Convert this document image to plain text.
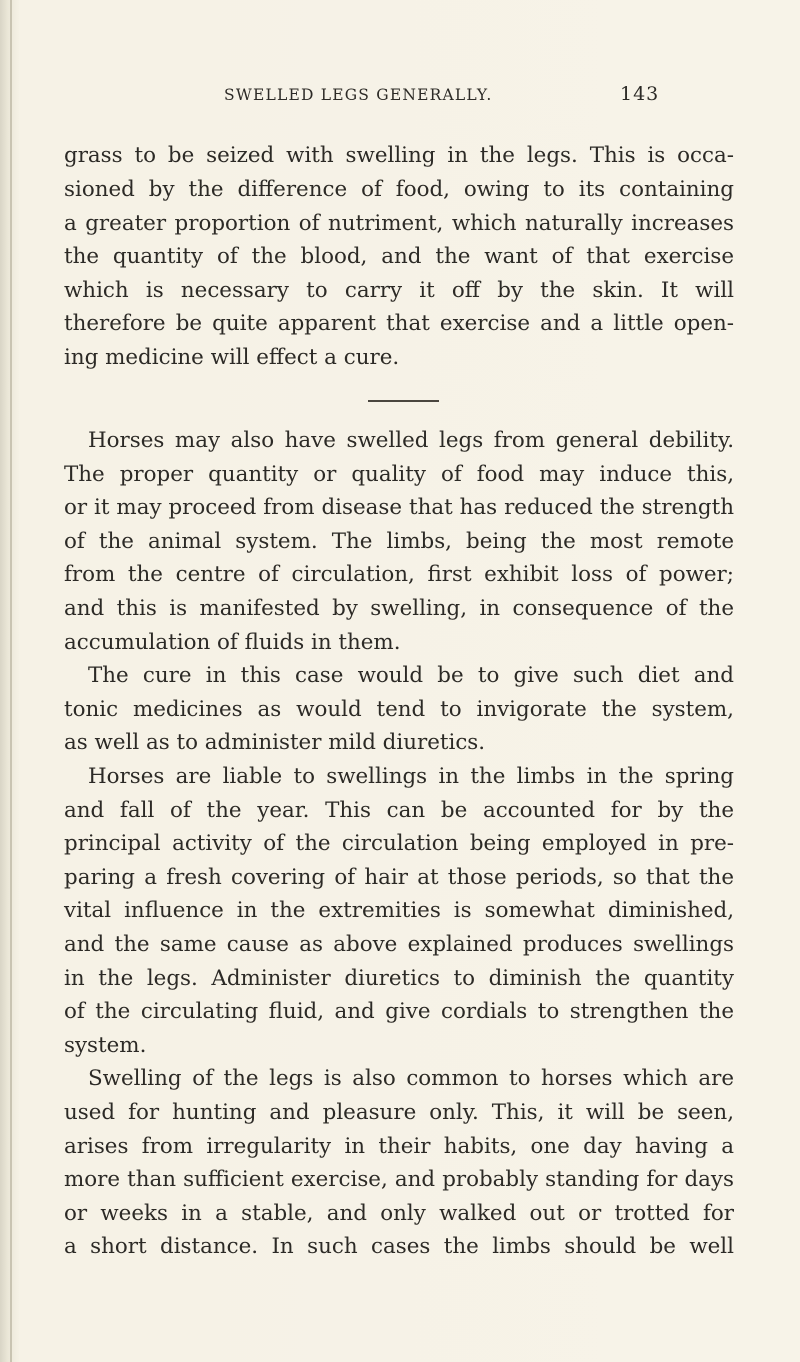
SWELLED LEGS GENERALLY.	143
grass to be seized with swelling in the legs. This is occa-
sioned by the difference of food, owing to its containing
a greater proportion of nutriment, which naturally increases
the quantity of the blood, and the want of that exercise
which is necessary to carry it off by the skin. It will
therefore be quite apparent that exercise and a little open-
ing medicine will effect a cure.
Horses may also have swelled legs from general debility.
The proper quantity or quality of food may induce this,
or it may proceed from disease that has reduced the strength
of the animal system. The limbs, being the most remote
from the centre of circulation, first exhibit loss of power;
and this is manifested by swelling, in consequence of the
accumulation of fluids in them.
The cure in this case would be to give such diet and
tonic medicines as would tend to invigorate the system,
as well as to administer mild diuretics.
Horses are liable to swellings in the limbs in the spring
and fall of the year. This can be accounted for by the
principal activity of the circulation being employed in pre-
paring a fresh covering of hair at those periods, so that the
vital influence in the extremities is somewhat diminished,
and the same cause as above explained produces swellings
in the legs. Administer diuretics to diminish the quantity
of the circulating fluid, and give cordials to strengthen the
system.
Swelling of the legs is also common to horses which are
used for hunting and pleasure only. This, it will be seen,
arises from irregularity in their habits, one day having a
more than sufficient exercise, and probably standing for days
or weeks in a stable, and only walked out or trotted for
a short distance. In such cases the limbs should be well
